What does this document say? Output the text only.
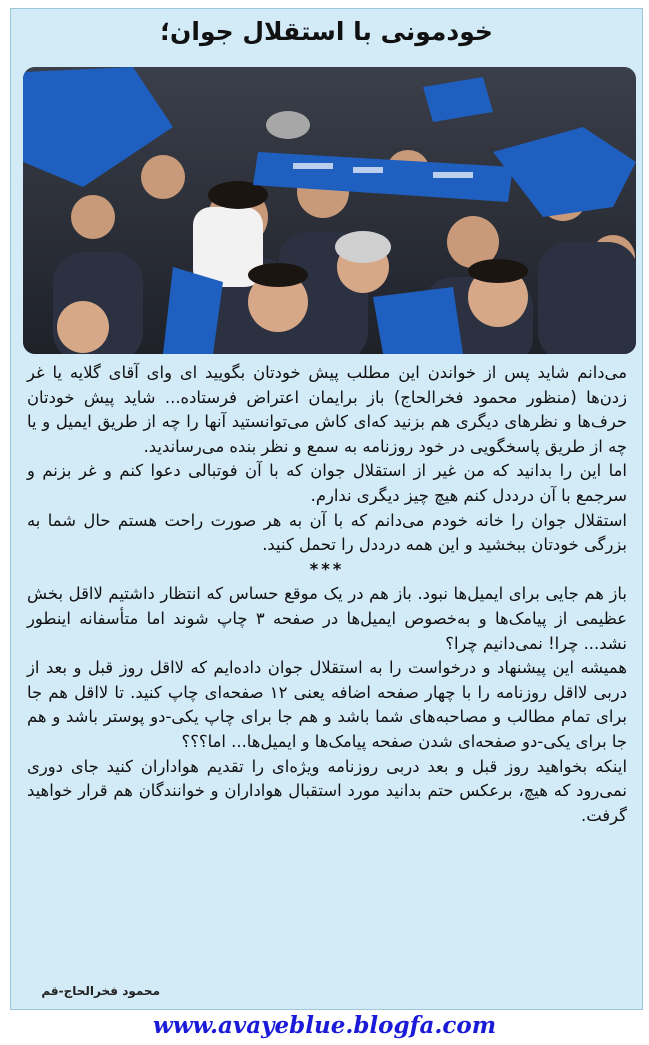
خودمونی با استقلال جوان؛

می‌دانم شاید پس از خواندن این مطلب پیش خودتان بگویید ای وای آقای گلایه یا غر زدن‌ها (منظور محمود فخرالحاج) باز برایمان اعتراض فرستاده... شاید پیش خودتان حرف‌ها و نظرهای دیگری هم بزنید که‌ای کاش می‌توانستید آنها را چه از طریق ایمیل و یا چه از طریق پاسخگویی در خود روزنامه به سمع و نظر بنده می‌رساندید.

اما این را بدانید که من غیر از استقلال جوان که با آن فوتبالی دعوا کنم و غر بزنم و سرجمع با آن درددل کنم هیچ چیز دیگری ندارم.

استقلال جوان را خانه خودم می‌دانم که با آن به هر صورت راحت هستم حال شما به بزرگی خودتان ببخشید و این همه درددل را تحمل کنید.

***

باز هم جایی برای ایمیل‌ها نبود. باز هم در یک موقع حساس که انتظار داشتیم لااقل بخش عظیمی از پیامک‌ها و به‌خصوص ایمیل‌ها در صفحه ۳ چاپ شوند اما متأسفانه اینطور نشد... چرا! نمی‌دانیم چرا؟

همیشه این پیشنهاد و درخواست را به استقلال جوان داده‌ایم که لااقل روز قبل و بعد از دربی لااقل روزنامه را با چهار صفحه اضافه یعنی ۱۲ صفحه‌ای چاپ کنید. تا لااقل هم جا برای تمام مطالب و مصاحبه‌های شما باشد و هم جا برای چاپ یکی-دو پوستر باشد و هم جا برای یکی-دو صفحه‌ای شدن صفحه پیامک‌ها و ایمیل‌ها... اما؟؟؟

اینکه بخواهید روز قبل و بعد دربی روزنامه ویژه‌ای را تقدیم هواداران کنید جای دوری نمی‌رود که هیچ، برعکس حتم بدانید مورد استقبال هواداران و خوانندگان هم قرار خواهید گرفت.

محمود فخرالحاج-قم
www.avayeblue.blogfa.com
